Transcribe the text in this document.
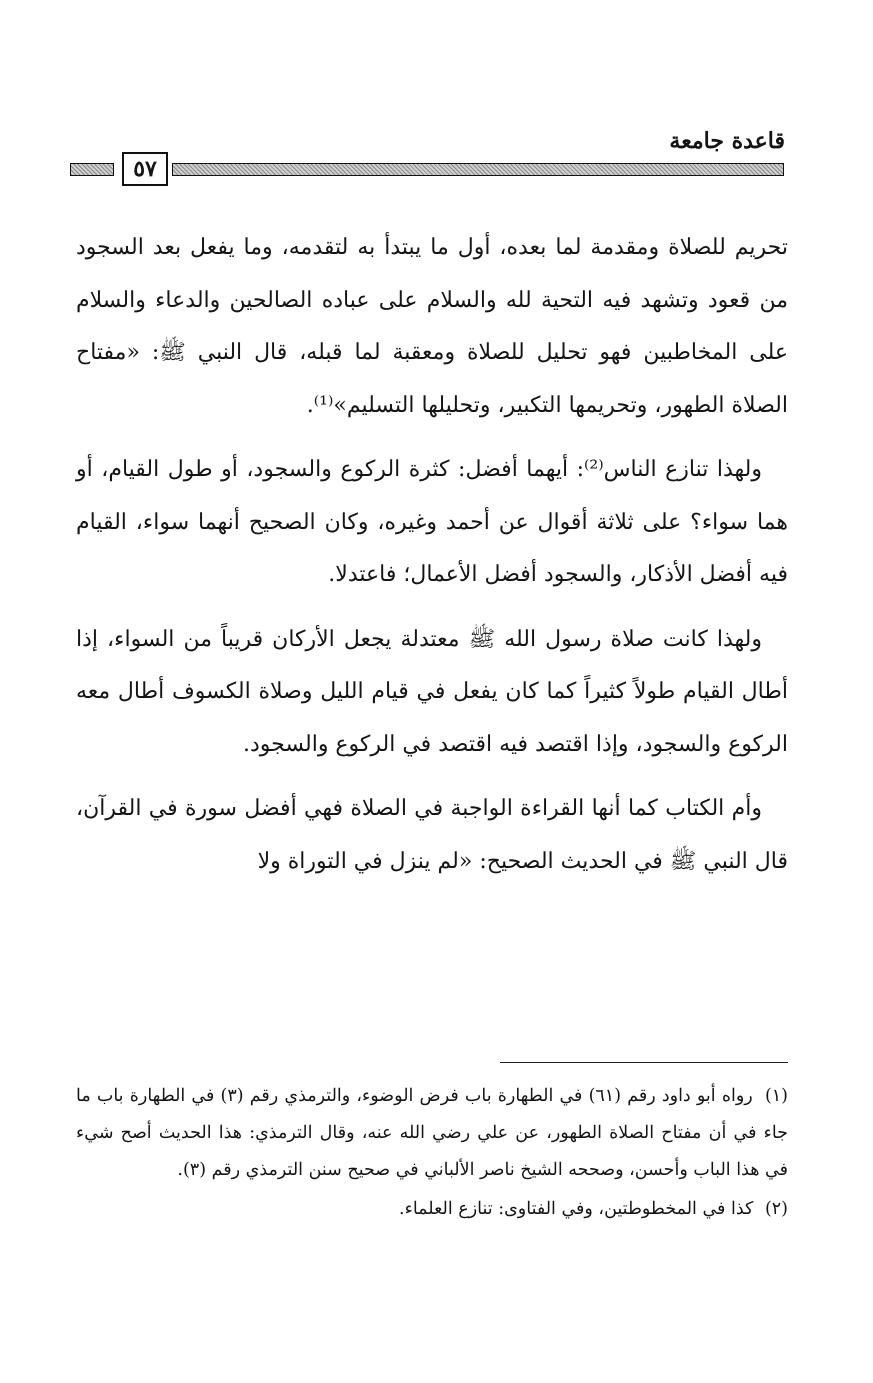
قاعدة جامعة
٥٧

تحريم للصلاة ومقدمة لما بعده، أول ما يبتدأ به لتقدمه، وما يفعل بعد السجود من قعود وتشهد فيه التحية لله والسلام على عباده الصالحين والدعاء والسلام على المخاطبين فهو تحليل للصلاة ومعقبة لما قبله، قال النبي ﷺ: «مفتاح الصلاة الطهور، وتحريمها التكبير، وتحليلها التسليم»⁽¹⁾.

ولهذا تنازع الناس⁽²⁾: أيهما أفضل: كثرة الركوع والسجود، أو طول القيام، أو هما سواء؟ على ثلاثة أقوال عن أحمد وغيره، وكان الصحيح أنهما سواء، القيام فيه أفضل الأذكار، والسجود أفضل الأعمال؛ فاعتدلا.

ولهذا كانت صلاة رسول الله ﷺ معتدلة يجعل الأركان قريباً من السواء، إذا أطال القيام طولاً كثيراً كما كان يفعل في قيام الليل وصلاة الكسوف أطال معه الركوع والسجود، وإذا اقتصد فيه اقتصد في الركوع والسجود.

وأم الكتاب كما أنها القراءة الواجبة في الصلاة فهي أفضل سورة في القرآن، قال النبي ﷺ في الحديث الصحيح: «لم ينزل في التوراة ولا

(١) رواه أبو داود رقم (٦١) في الطهارة باب فرض الوضوء، والترمذي رقم (٣) في الطهارة باب ما جاء في أن مفتاح الصلاة الطهور، عن علي رضي الله عنه، وقال الترمذي: هذا الحديث أصح شيء في هذا الباب وأحسن، وصححه الشيخ ناصر الألباني في صحيح سنن الترمذي رقم (٣).

(٢) كذا في المخطوطتين، وفي الفتاوى: تنازع العلماء.
